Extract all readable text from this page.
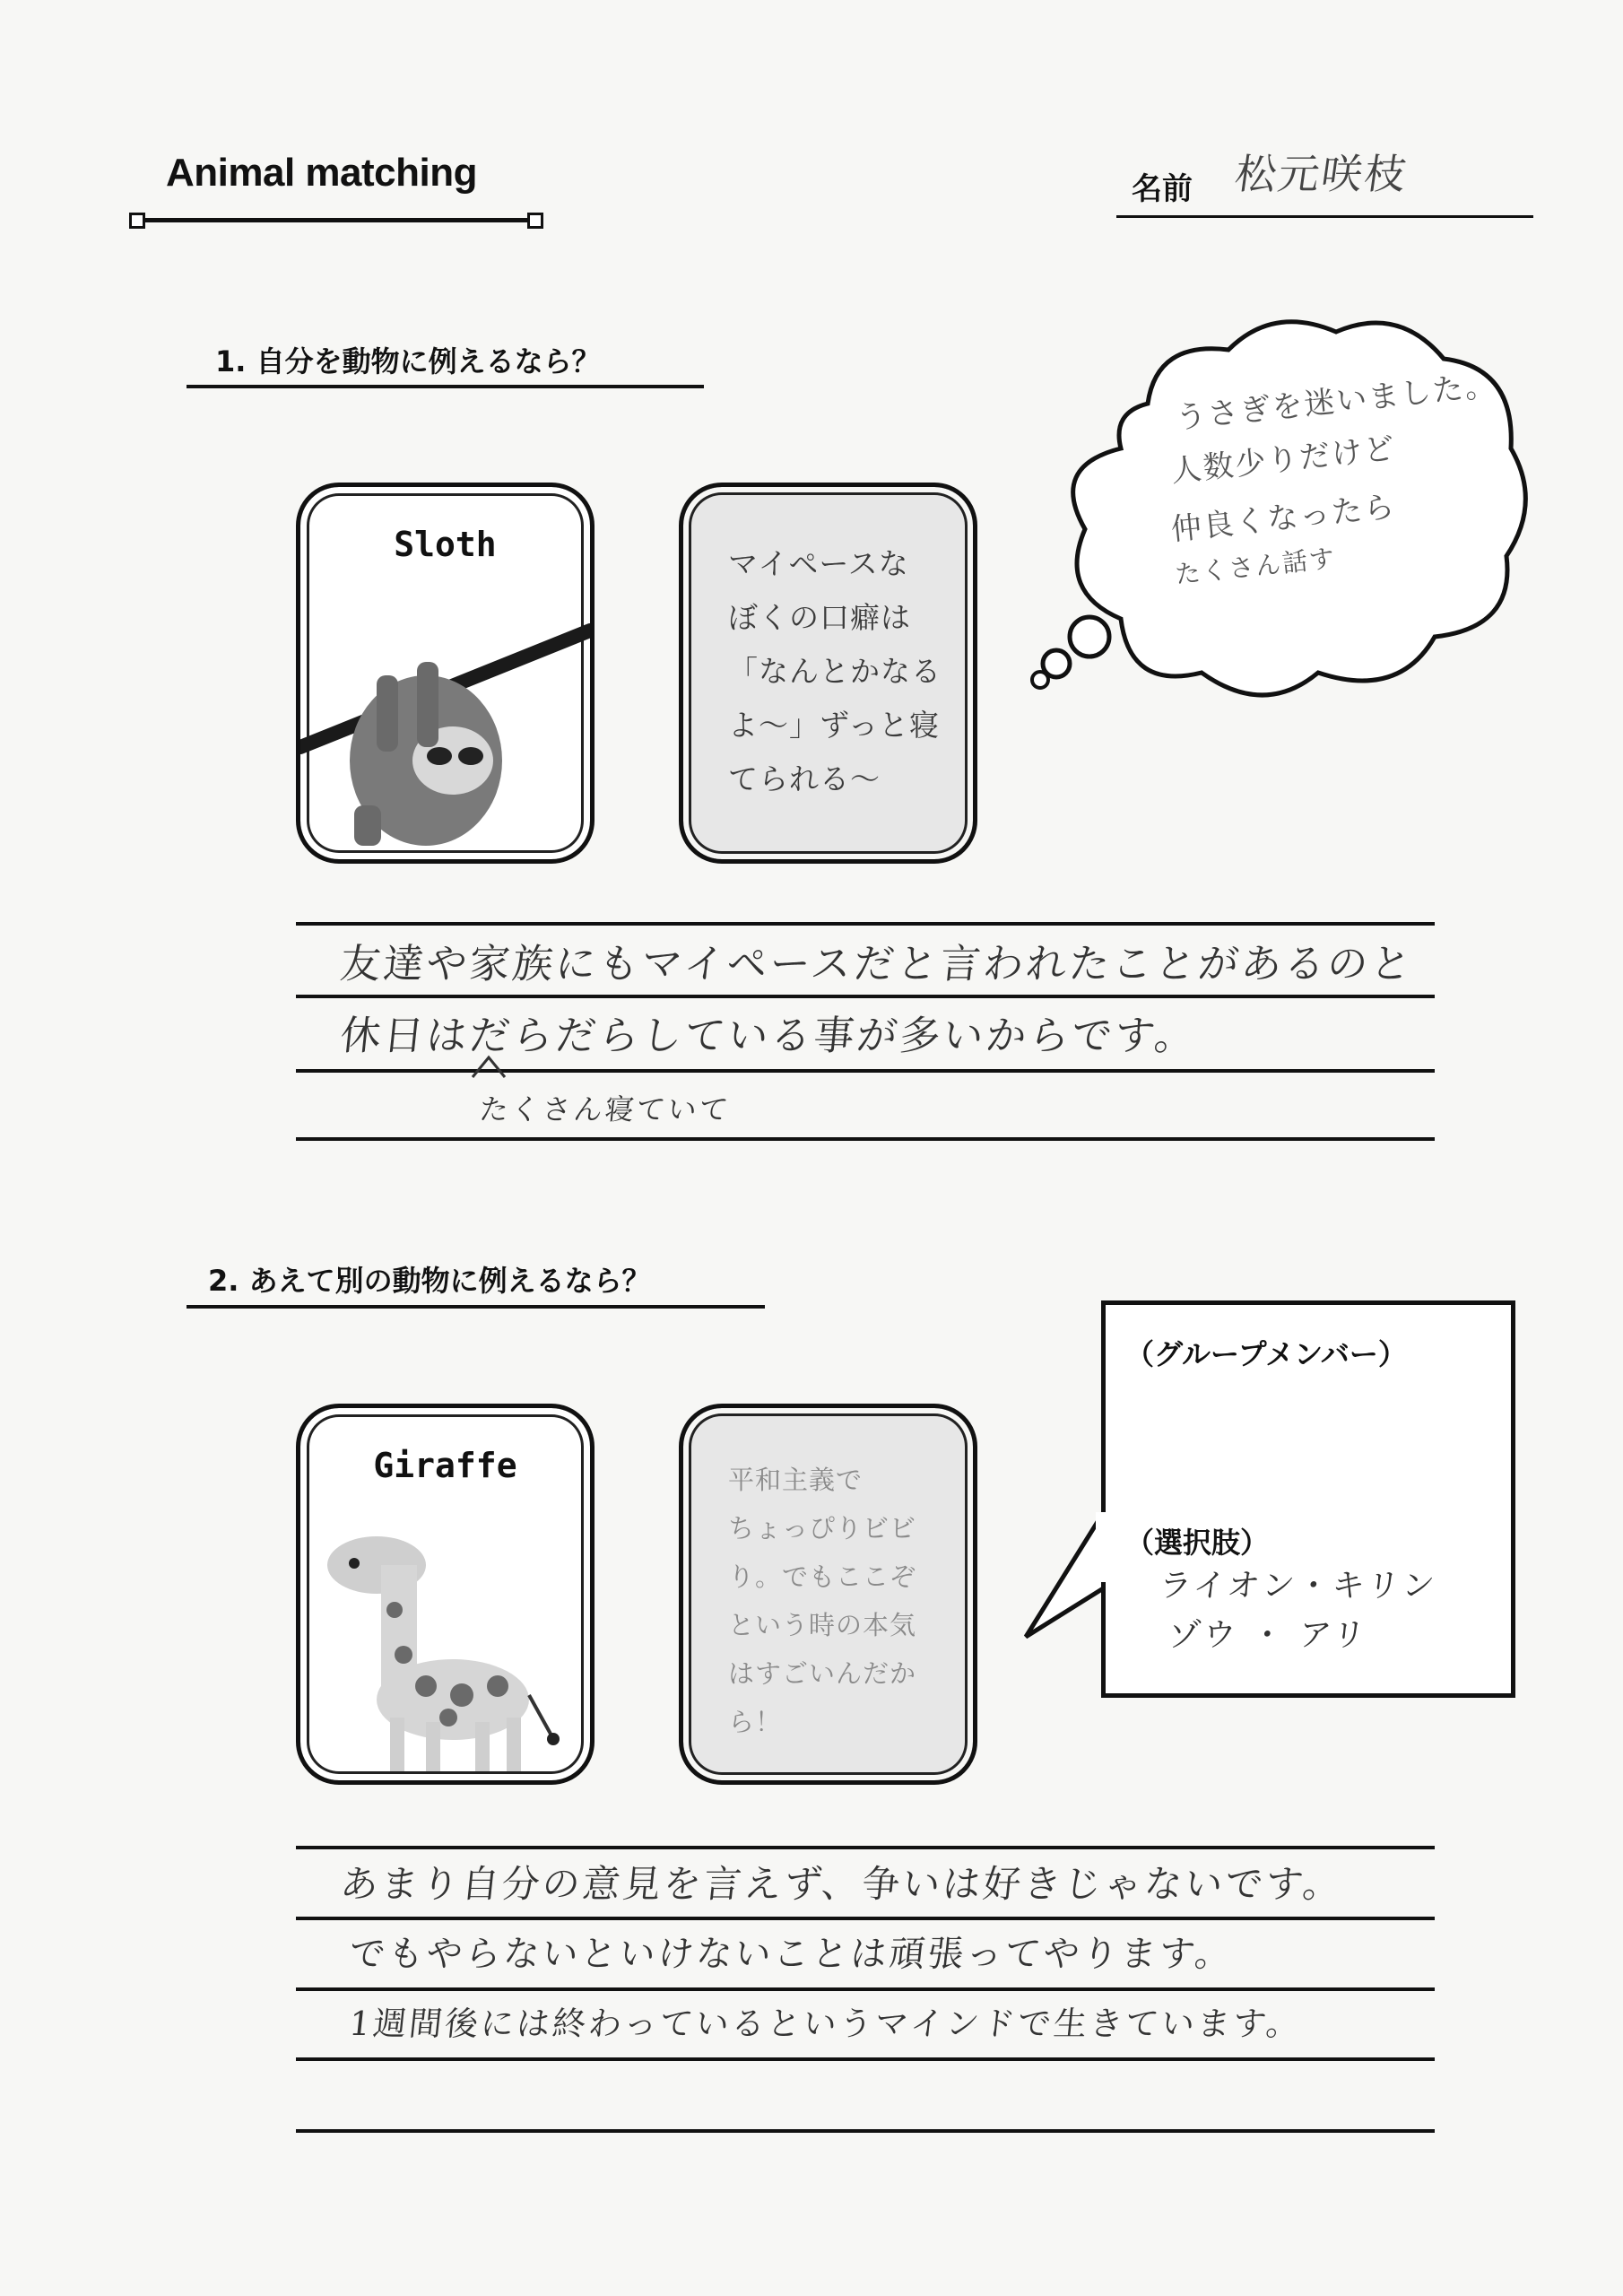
Animal matching	名前 松元咲枝
1. 自分を動物に例えるなら？
Sloth	マイペースな
ぼくの口癖は
「なんとかなる
よ〜」ずっと寝
てられる〜
うさぎを迷いました。
人数少りだけど
仲良くなったら
たくさん話す
友達や家族にもマイペースだと言われたことがあるのと
休日はだらだらしている事が多いからです。
たくさん寝ていて
2. あえて別の動物に例えるなら？
Giraffe	平和主義で
ちょっぴりビビ
り。でもここぞ
という時の本気
はすごいんだか
ら！
（グループメンバー）
（選択肢）
ライオン・キリン
ゾウ ・ アリ
あまり自分の意見を言えず、争いは好きじゃないです。
でもやらないといけないことは頑張ってやります。
1週間後には終わっているというマインドで生きています。
